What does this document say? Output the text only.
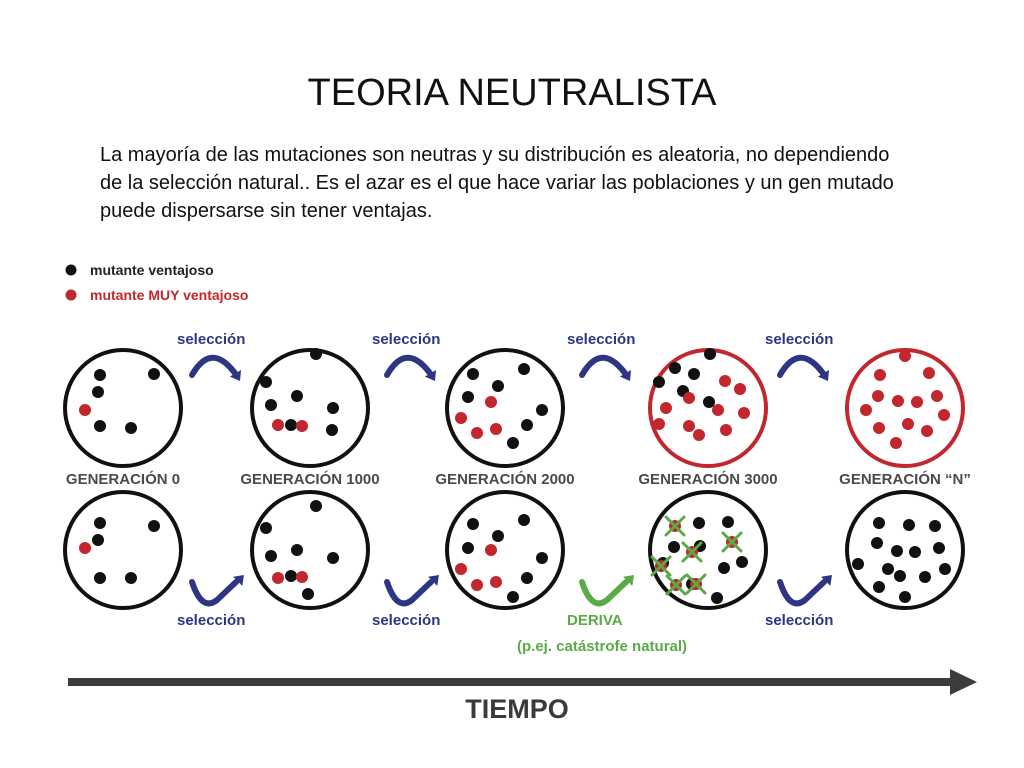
TEORIA NEUTRALISTA
La mayoría de las mutaciones son neutras y su distribución es aleatoria, no dependiendo de la selección natural.. Es el azar es el que hace variar las poblaciones y un gen mutado puede dispersarse sin tener ventajas.
mutante ventajoso
mutante MUY ventajoso
GENERACIÓN 0	GENERACIÓN 1000	GENERACIÓN 2000	GENERACIÓN 3000	GENERACIÓN “N”
selección	selección	selección	selección
selección	selección	DERIVA
(p.ej. catástrofe natural)
selección
TIEMPO
